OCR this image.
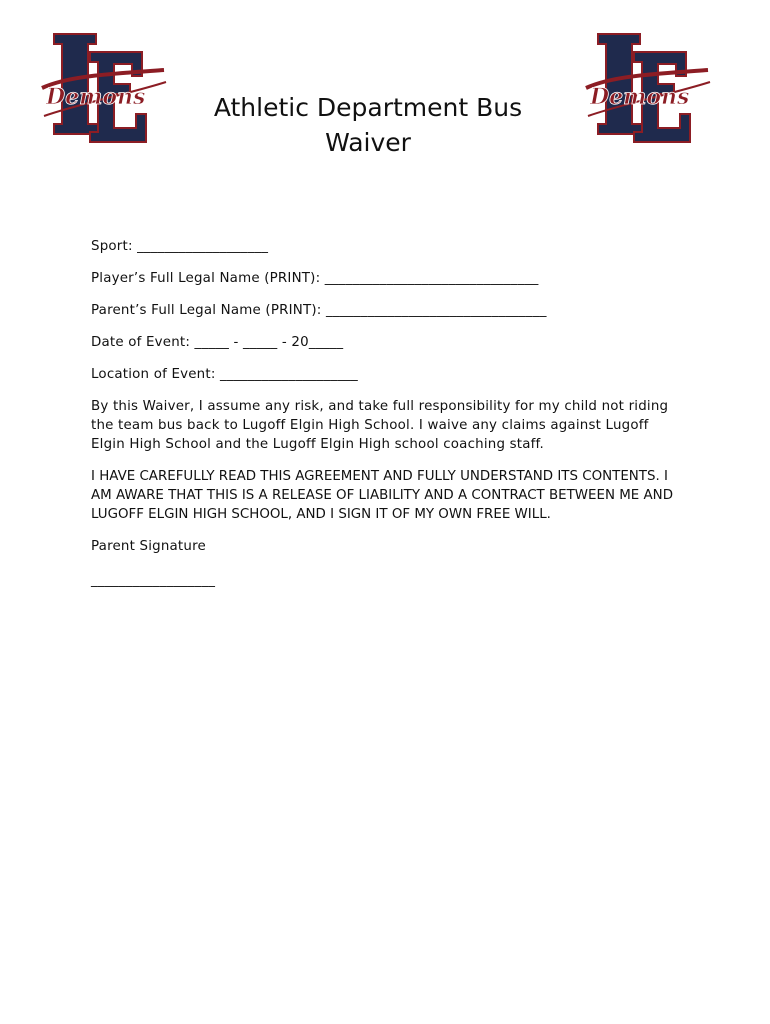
Demons	Demons
Athletic Department Bus
Waiver

Sport: ___________________

Player’s Full Legal Name (PRINT): _______________________________

Parent’s Full Legal Name (PRINT): ________________________________

Date of Event: _____ - _____ - 20_____

Location of Event: ____________________

By this Waiver, I assume any risk, and take full responsibility for my child not riding the team bus back to Lugoff Elgin High School. I waive any claims against Lugoff Elgin High School and the Lugoff Elgin High school coaching staff.

I HAVE CAREFULLY READ THIS AGREEMENT AND FULLY UNDERSTAND ITS CONTENTS. I AM AWARE THAT THIS IS A RELEASE OF LIABILITY AND A CONTRACT BETWEEN ME AND LUGOFF ELGIN HIGH SCHOOL, AND I SIGN IT OF MY OWN FREE WILL.

Parent Signature

__________________
